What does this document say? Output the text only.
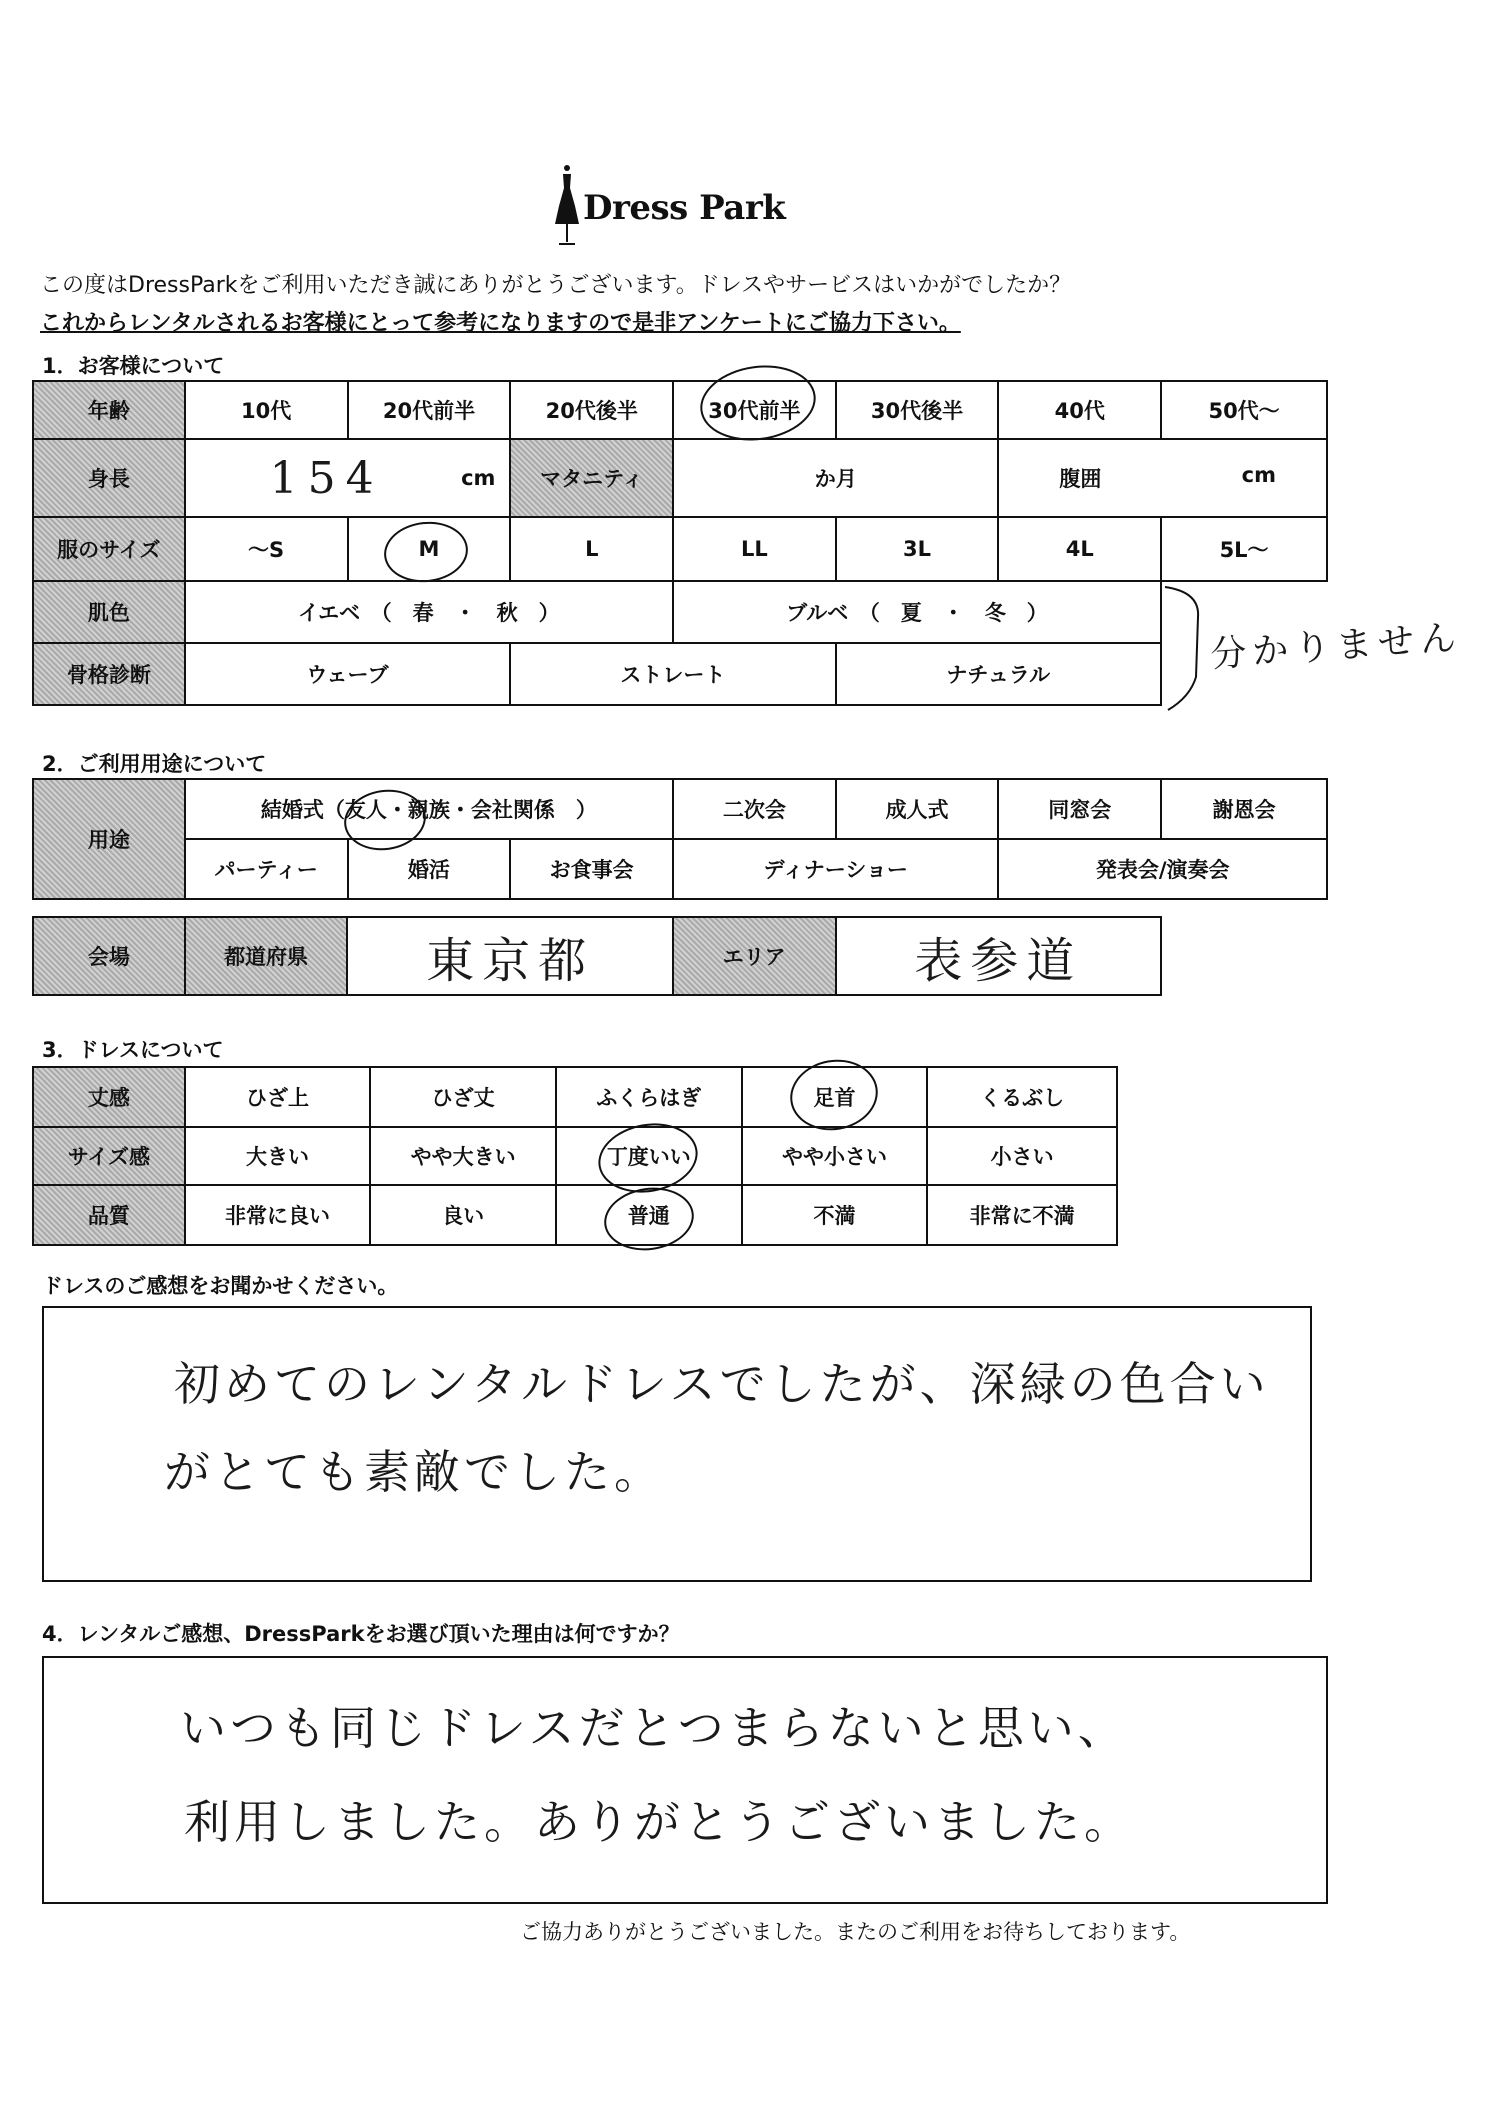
Dress Park
この度はDressParkをご利用いただき誠にありがとうございます。ドレスやサービスはいかがでしたか？
これからレンタルされるお客様にとって参考になりますので是非アンケートにご協力下さい。
1．お客様について
年齢	10代	20代前半	20代後半	30代前半	30代後半	40代	50代～
身長	154 cm		マタニティ	か月		腹囲 cm	

服のサイズ	～S	M	L	LL	3L	4L	5L～
肌色	イエベ　（　春　・　秋　）		ブルベ　（　夏　・　冬　）	
骨格診断	ウェーブ	ストレート		ナチュラル	分かりません
2．ご利用用途について
用途	結婚式（友人・親族・会社関係　）			二次会	成人式	同窓会	謝恩会
	パーティー	婚活	お食事会	ディナーショー		発表会/演奏会	
会場	都道府県	東京都	エリア	表参道
3．ドレスについて
丈感	ひざ上	ひざ丈	ふくらはぎ	足首	くるぶし
サイズ感	大きい	やや大きい	丁度いい	やや小さい	小さい
品質	非常に良い	良い	普通	不満	非常に不満
ドレスのご感想をお聞かせください。
初めてのレンタルドレスでしたが、深緑の色合い
がとても素敵でした。
4．レンタルご感想、DressParkをお選び頂いた理由は何ですか？
いつも同じドレスだとつまらないと思い、
利用しました。ありがとうございました。
ご協力ありがとうございました。またのご利用をお待ちしております。
